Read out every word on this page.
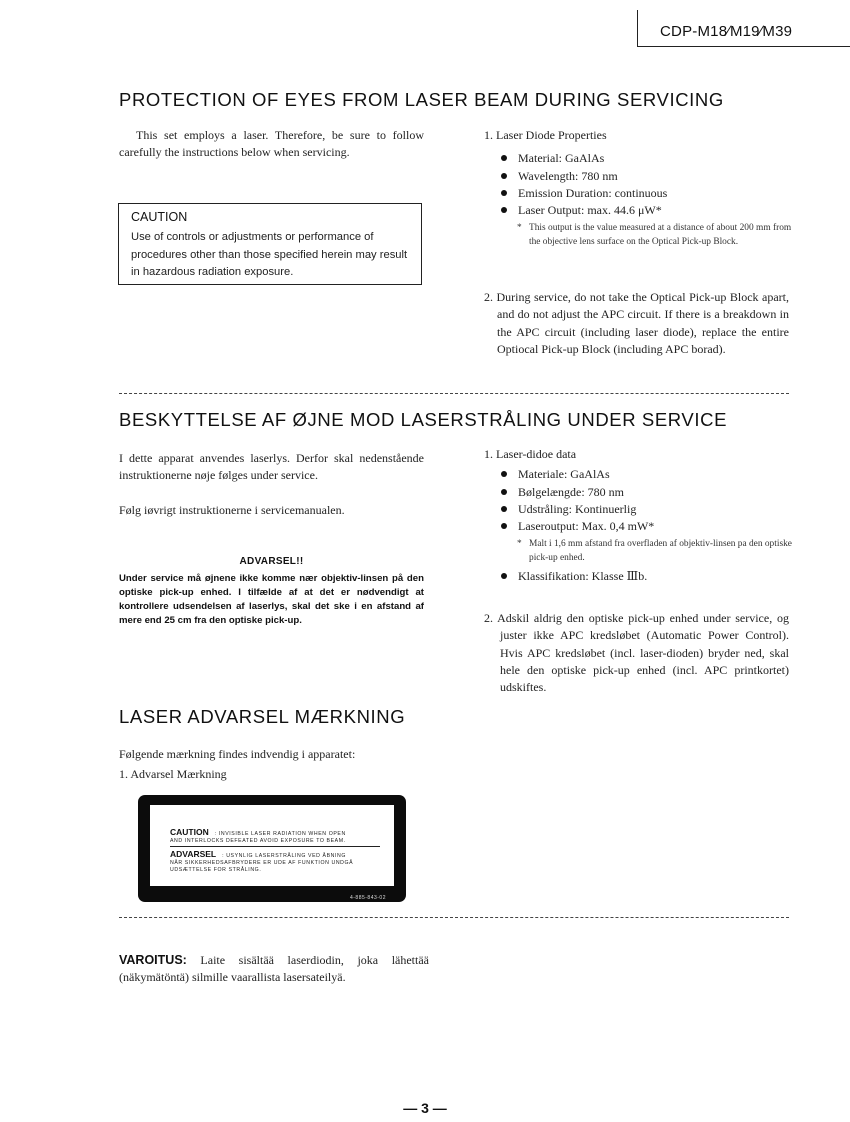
CDP-M18∕M19∕M39
PROTECTION OF EYES FROM LASER BEAM DURING SERVICING
This set employs a laser. Therefore, be sure to follow carefully the instructions below when servicing.
CAUTION
Use of controls or adjustments or performance of procedures other than those specified herein may result in hazardous radiation exposure.
1. Laser Diode Properties
Material: GaAlAs
Wavelength: 780 nm
Emission Duration: continuous
Laser Output: max. 44.6 μW*
* This output is the value measured at a distance of about 200 mm from the objective lens surface on the Optical Pick-up Block.
2. During service, do not take the Optical Pick-up Block apart, and do not adjust the APC circuit. If there is a breakdown in the APC circuit (including laser diode), replace the entire Optiocal Pick-up Block (including APC borad).
BESKYTTELSE AF ØJNE MOD LASERSTRÅLING UNDER SERVICE
I dette apparat anvendes laserlys. Derfor skal nedenstående instruktionerne nøje følges under service.
Følg iøvrigt instruktionerne i servicemanualen.
ADVARSEL!!
Under service må øjnene ikke komme nær objektiv-linsen på den optiske pick-up enhed. I tilfælde af at det er nødvendigt at kontrollere udsendelsen af laserlys, skal det ske i en afstand af mere end 25 cm fra den optiske pick-up.
1. Laser-didoe data
Materiale: GaAlAs
Bølgelængde: 780 nm
Udstråling: Kontinuerlig
Laseroutput: Max. 0,4 mW*
* Malt i 1,6 mm afstand fra overfladen af objektiv-linsen pa den optiske pick-up enhed.
Klassifikation: Klasse Ⅲb.
2. Adskil aldrig den optiske pick-up enhed under service, og juster ikke APC kredsløbet (Automatic Power Control). Hvis APC kredsløbet (incl. laser-dioden) bryder ned, skal hele den optiske pick-up enhed (incl. APC printkortet) udskiftes.
LASER ADVARSEL MÆRKNING
Følgende mærkning findes indvendig i apparatet:
1. Advarsel Mærkning
CAUTION : INVISIBLE LASER RADIATION WHEN OPEN
AND INTERLOCKS DEFEATED AVOID EXPOSURE TO BEAM.
ADVARSEL : USYNLIG LASERSTRÅLING VED ÅBNING
NÅR SIKKERHEDSAFBRYDERE ER UDE AF FUNKTION UNDGÅ
UDSÆTTELSE FOR STRÅLING.
4-885-843-02
VAROITUS: Laite sisältää laserdiodin, joka lähettää (näkymätöntä) silmille vaarallista lasersateilyä.
— 3 —
